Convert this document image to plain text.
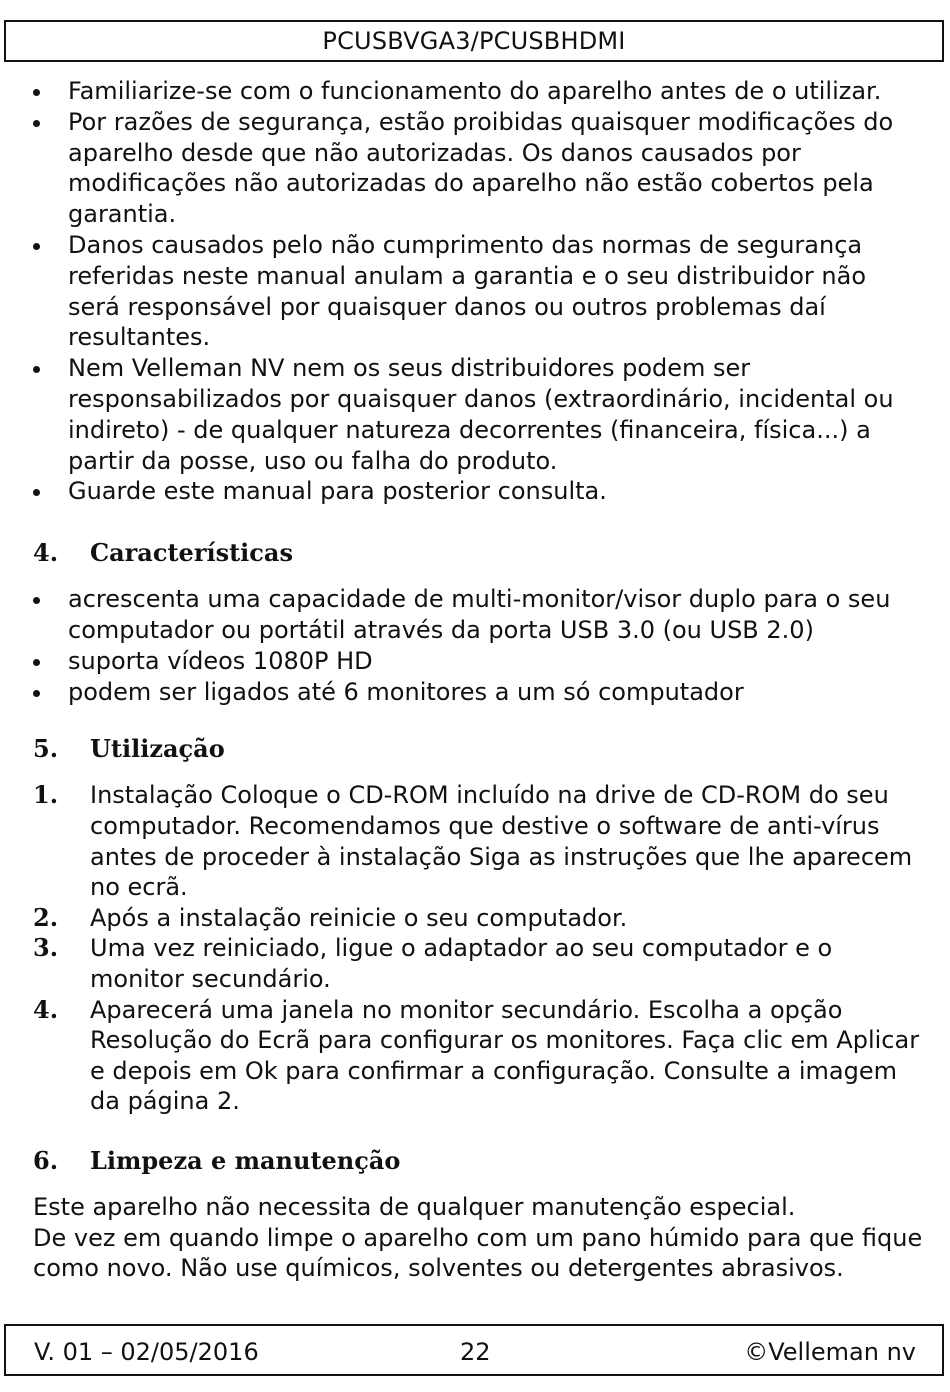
PCUSBVGA3/PCUSBHDMI
Familiarize-se com o funcionamento do aparelho antes de o utilizar.
Por razões de segurança, estão proibidas quaisquer modificações do aparelho desde que não autorizadas. Os danos causados por modificações não autorizadas do aparelho não estão cobertos pela garantia.
Danos causados pelo não cumprimento das normas de segurança referidas neste manual anulam a garantia e o seu distribuidor não será responsável por quaisquer danos ou outros problemas daí resultantes.
Nem Velleman NV nem os seus distribuidores podem ser responsabilizados por quaisquer danos (extraordinário, incidental ou indireto) - de qualquer natureza decorrentes (financeira, física...) a partir da posse, uso ou falha do produto.
Guarde este manual para posterior consulta.
4.	Características
acrescenta uma capacidade de multi-monitor/visor duplo para o seu computador ou portátil através da porta USB 3.0 (ou USB 2.0)
suporta vídeos 1080P HD
podem ser ligados até 6 monitores a um só computador
5.	Utilização
1. Instalação Coloque o CD-ROM incluído na drive de CD-ROM do seu computador. Recomendamos que destive o software de anti-vírus antes de proceder à instalação Siga as instruções que lhe aparecem no ecrã.
2. Após a instalação reinicie o seu computador.
3. Uma vez reiniciado, ligue o adaptador ao seu computador e o monitor secundário.
4. Aparecerá uma janela no monitor secundário. Escolha a opção Resolução do Ecrã para configurar os monitores. Faça clic em Aplicar e depois em Ok para confirmar a configuração. Consulte a imagem da página 2.
6.	Limpeza e manutenção

Este aparelho não necessita de qualquer manutenção especial.

De vez em quando limpe o aparelho com um pano húmido para que fique como novo. Não use químicos, solventes ou detergentes abrasivos.

V. 01 – 02/05/2016	22	©Velleman nv
